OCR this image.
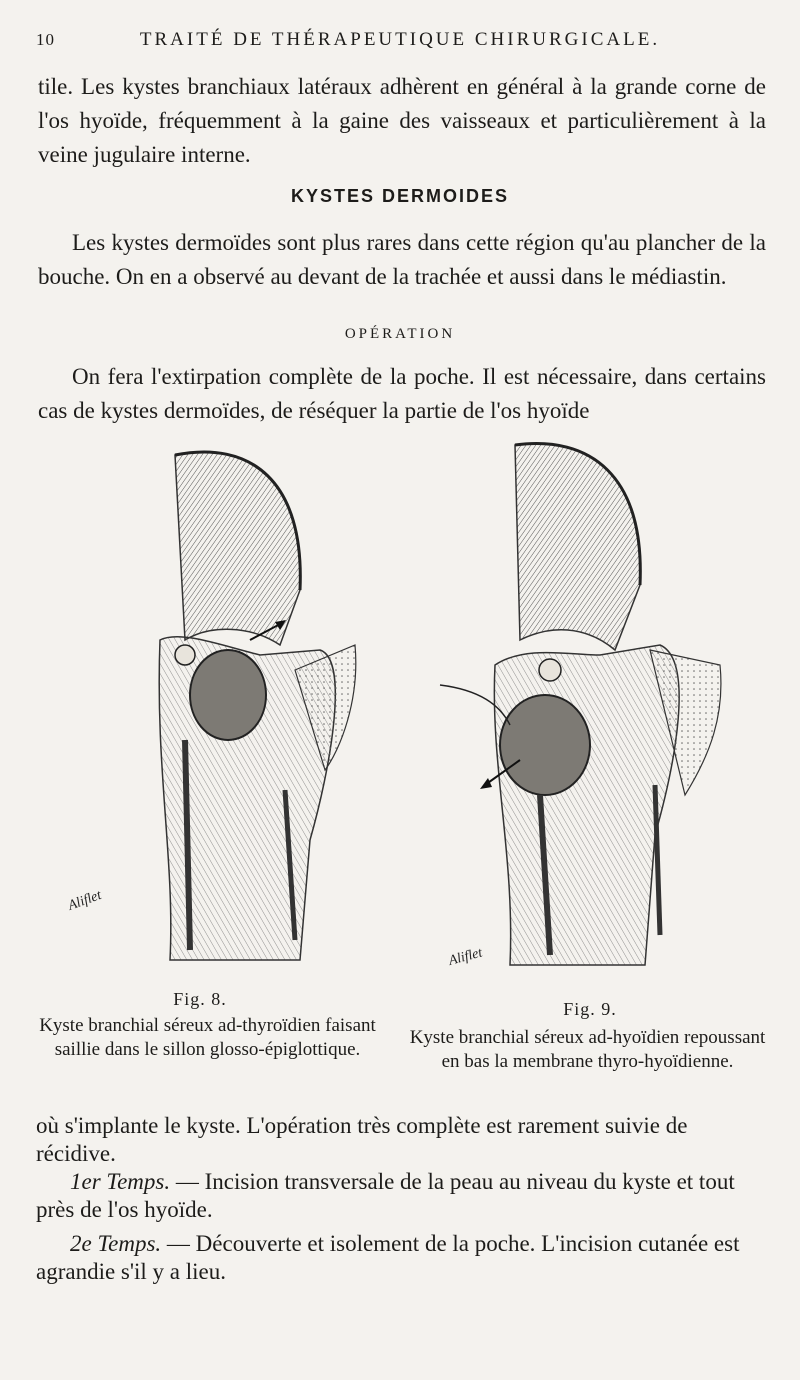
10	TRAITÉ DE THÉRAPEUTIQUE CHIRURGICALE.

tile. Les kystes branchiaux latéraux adhèrent en général à la grande corne de l'os hyoïde, fréquemment à la gaine des vaisseaux et particulièrement à la veine jugulaire interne.

KYSTES DERMOIDES

Les kystes dermoïdes sont plus rares dans cette région qu'au plancher de la bouche. On en a observé au devant de la trachée et aussi dans le médiastin.

OPÉRATION

On fera l'extirpation complète de la poche. Il est nécessaire, dans certains cas de kystes dermoïdes, de réséquer la partie de l'os hyoïde

Aliflet
Aliflet
Fig. 8.
Kyste branchial séreux ad-thyroïdien faisant saillie dans le sillon glosso-épiglottique.
Fig. 9.
Kyste branchial séreux ad-hyoïdien repoussant en bas la membrane thyro-hyoïdienne.

où s'implante le kyste. L'opération très complète est rarement suivie de récidive.

1er Temps. — Incision transversale de la peau au niveau du kyste et tout près de l'os hyoïde.

2e Temps. — Découverte et isolement de la poche. L'incision cutanée est agrandie s'il y a lieu.
